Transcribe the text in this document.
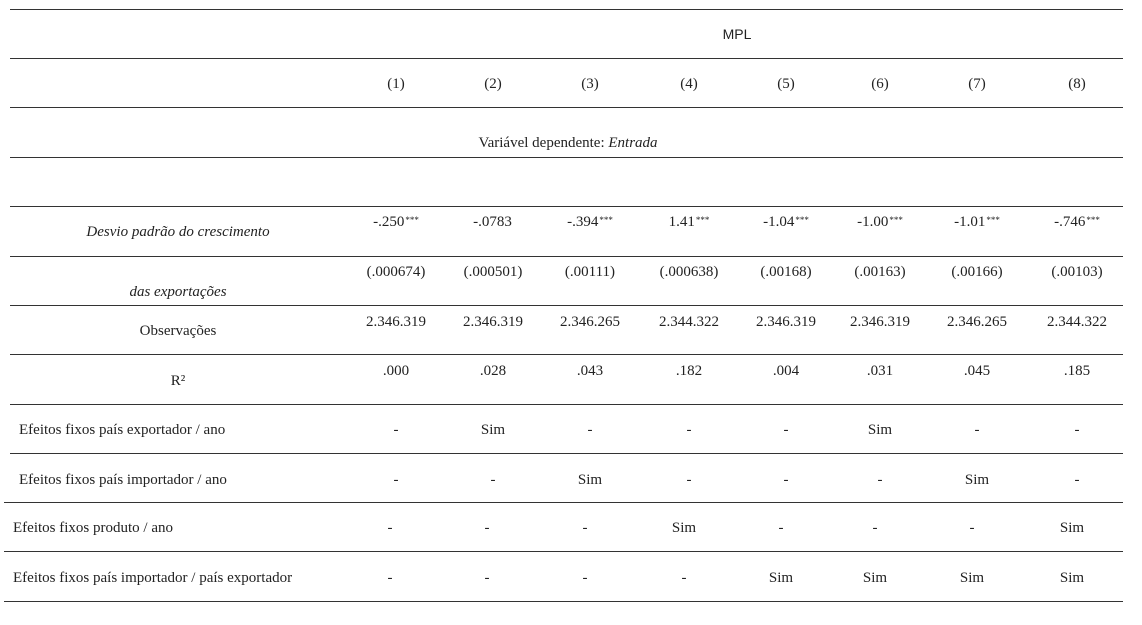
MPL
Variável dependente: Entrada
Desvio padrão do crescimento
das exportações
Observações
R²
Efeitos fixos país exportador / ano
Efeitos fixos país importador / ano
Efeitos fixos produto / ano
Efeitos fixos país importador / país exportador
(1)
-.250***
(.000674)
2.346.319
.000
-
-
-
-
(2)
-.0783
(.000501)
2.346.319
.028
Sim
-
-
-
(3)
-.394***
(.00111)
2.346.265
.043
-
Sim
-
-
(4)
1.41***
(.000638)
2.344.322
.182
-
-
Sim
-
(5)
-1.04***
(.00168)
2.346.319
.004
-
-
-
Sim
(6)
-1.00***
(.00163)
2.346.319
.031
Sim
-
-
Sim
(7)
-1.01***
(.00166)
2.346.265
.045
-
Sim
-
Sim
(8)
-.746***
(.00103)
2.344.322
.185
-
-
Sim
Sim
